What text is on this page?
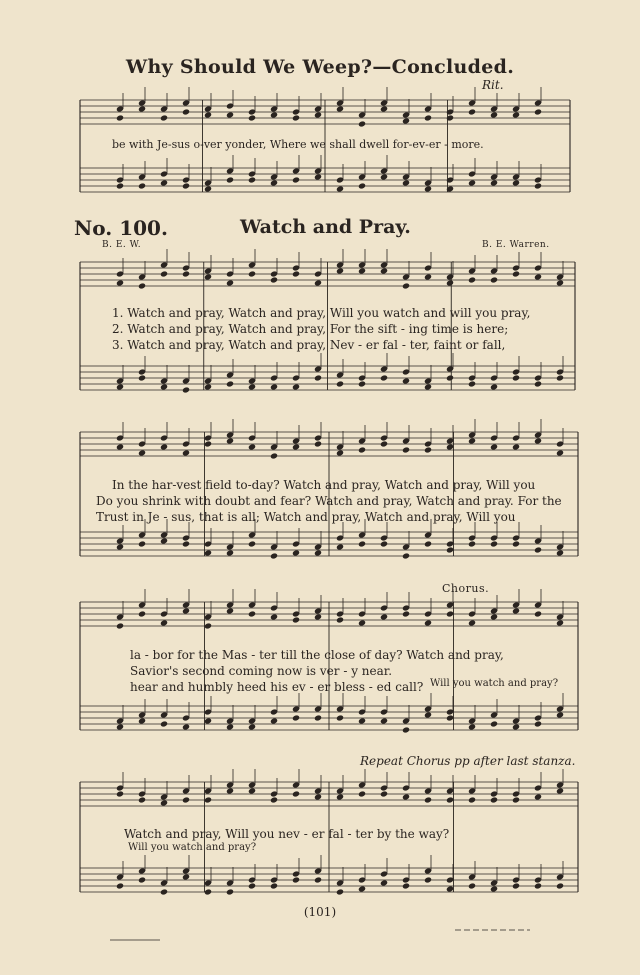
Why Should We Weep?—Concluded.
Rit.
be with Je-sus o-ver yonder, Where we shall dwell for-ev-er - more.
No. 100.	Watch and Pray.
B. E. W.	B. E. Warren.
1. Watch and pray, Watch and pray, Will you watch and will you pray,
2. Watch and pray, Watch and pray, For the sift - ing time is here;
3. Watch and pray, Watch and pray, Nev - er fal - ter, faint or fall,
In the har-vest field to-day? Watch and pray, Watch and pray, Will you
Do you shrink with doubt and fear? Watch and pray, Watch and pray. For the
Trust in Je - sus, that is all; Watch and pray, Watch and pray, Will you
Chorus.
la - bor for the Mas - ter till the close of day? Watch and pray,
Savior's second coming now is ver - y near.
hear and humbly heed his ev - er bless - ed call? Will you watch and pray?
Repeat Chorus pp after last stanza.
Watch and pray, Will you nev - er fal - ter by the way?
Will you watch and pray?
(101)
